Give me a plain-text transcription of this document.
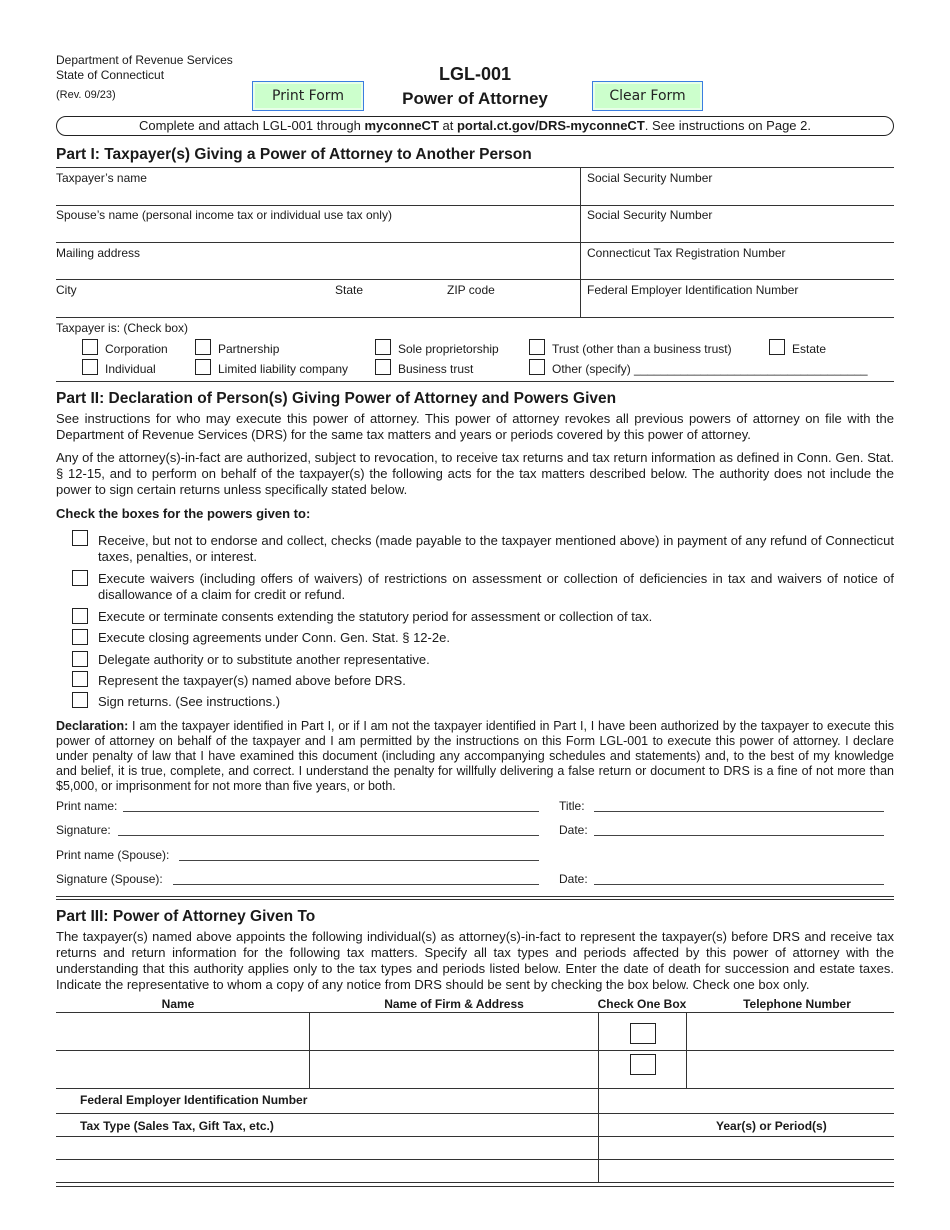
Department of Revenue Services
State of Connecticut
(Rev. 09/23)	Print Form
LGL-001
Power of Attorney	Clear Form
Complete and attach LGL-001 through myconneCT at portal.ct.gov/DRS-myconneCT. See instructions on Page 2.
Part I: Taxpayer(s) Giving a Power of Attorney to Another Person
Taxpayer’s name	Social Security Number
Spouse’s name (personal income tax or individual use tax only)	Social Security Number
Mailing address	Connecticut Tax Registration Number
City	State	ZIP code	Federal Employer Identification Number
Taxpayer is: (Check box)
Corporation	Partnership	Sole proprietorship	Trust (other than a business trust)	Estate
Individual	Limited liability company	Business trust	Other (specify) ___________________________________
Part II: Declaration of Person(s) Giving Power of Attorney and Powers Given
See instructions for who may execute this power of attorney. This power of attorney revokes all previous powers of attorney on file with the Department of Revenue Services (DRS) for the same tax matters and years or periods covered by this power of attorney.
Any of the attorney(s)-in-fact are authorized, subject to revocation, to receive tax returns and tax return information as defined in Conn. Gen. Stat. § 12-15, and to perform on behalf of the taxpayer(s) the following acts for the tax matters described below. The authority does not include the power to sign certain returns unless specifically stated below.
Check the boxes for the powers given to:
Receive, but not to endorse and collect, checks (made payable to the taxpayer mentioned above) in payment of any refund of Connecticut taxes, penalties, or interest.
Execute waivers (including offers of waivers) of restrictions on assessment or collection of deficiencies in tax and waivers of notice of disallowance of a claim for credit or refund.
Execute or terminate consents extending the statutory period for assessment or collection of tax.
Execute closing agreements under Conn. Gen. Stat. § 12-2e.
Delegate authority or to substitute another representative.
Represent the taxpayer(s) named above before DRS.
Sign returns. (See instructions.)
Declaration: I am the taxpayer identified in Part I, or if I am not the taxpayer identified in Part I, I have been authorized by the taxpayer to execute this power of attorney on behalf of the taxpayer and I am permitted by the instructions on this Form LGL-001 to execute this power of attorney. I declare under penalty of law that I have examined this document (including any accompanying schedules and statements) and, to the best of my knowledge and belief, it is true, complete, and correct. I understand the penalty for willfully delivering a false return or document to DRS is a fine of not more than $5,000, or imprisonment for not more than five years, or both.
Print name:	Title:
Signature:	Date:
Print name (Spouse):
Signature (Spouse):	Date:
Part III: Power of Attorney Given To
The taxpayer(s) named above appoints the following individual(s) as attorney(s)-in-fact to represent the taxpayer(s) before DRS and receive tax returns and return information for the following tax matters. Specify all tax types and periods affected by this power of attorney with the understanding that this authority applies only to the tax types and periods listed below. Enter the date of death for succession and estate taxes. Indicate the representative to whom a copy of any notice from DRS should be sent by checking the box below. Check one box only.
Name	Name of Firm & Address	Check One Box	Telephone Number
Federal Employer Identification Number
Tax Type (Sales Tax, Gift Tax, etc.)	Year(s) or Period(s)
